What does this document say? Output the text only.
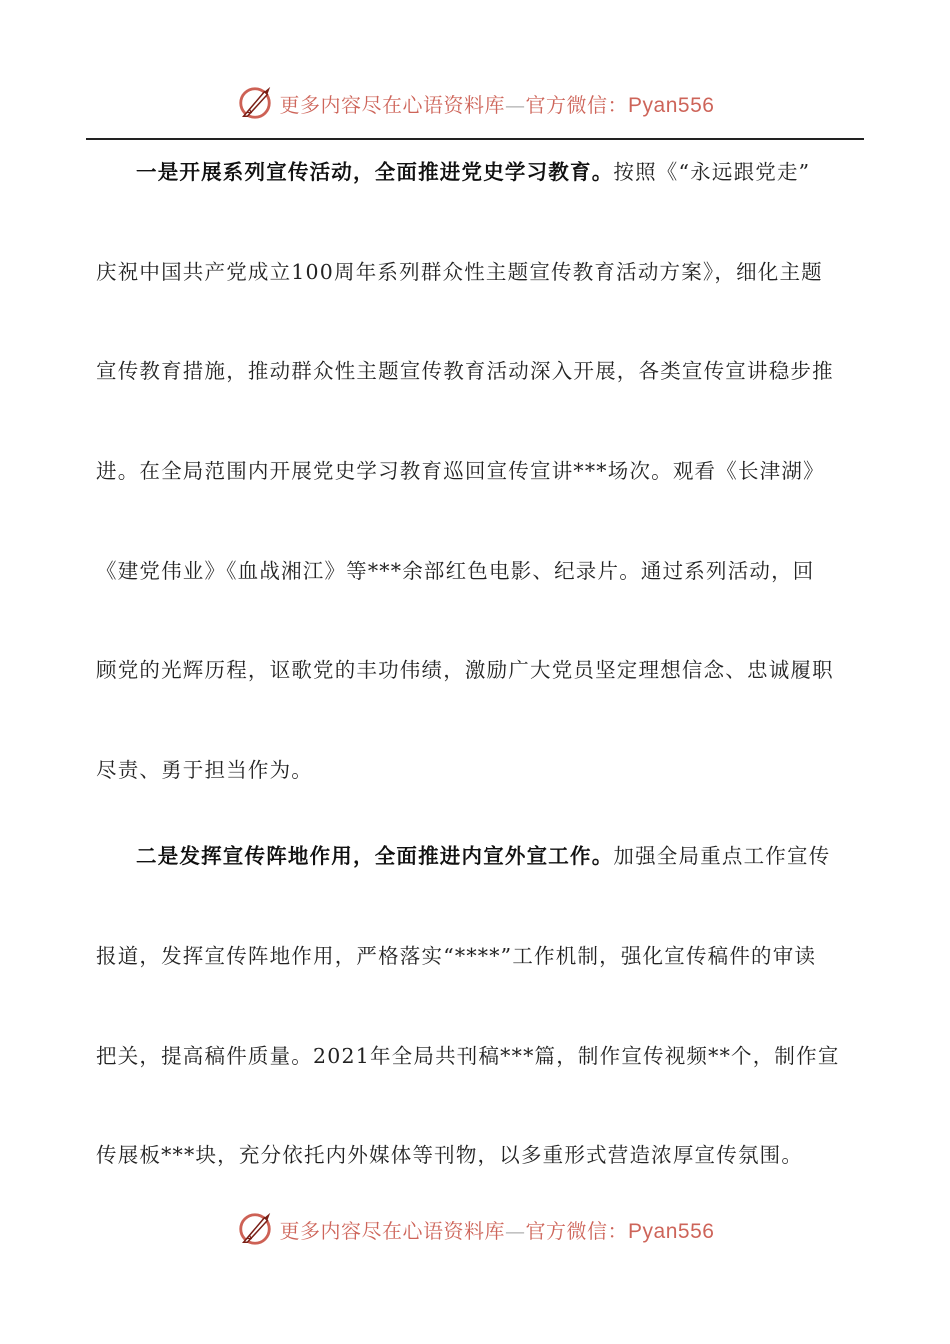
更多内容尽在心语资料库—官方微信：Pyan556
一是开展系列宣传活动，全面推进党史学习教育。按照《“永远跟党走”
庆祝中国共产党成立100周年系列群众性主题宣传教育活动方案》，细化主题
宣传教育措施，推动群众性主题宣传教育活动深入开展，各类宣传宣讲稳步推
进。在全局范围内开展党史学习教育巡回宣传宣讲***场次。观看《长津湖》
《建党伟业》《血战湘江》等***余部红色电影、纪录片。通过系列活动，回
顾党的光辉历程，讴歌党的丰功伟绩，激励广大党员坚定理想信念、忠诚履职
尽责、勇于担当作为。
二是发挥宣传阵地作用，全面推进内宣外宣工作。加强全局重点工作宣传
报道，发挥宣传阵地作用，严格落实“****”工作机制，强化宣传稿件的审读
把关，提高稿件质量。2021年全局共刊稿***篇，制作宣传视频**个，制作宣
传展板***块，充分依托内外媒体等刊物，以多重形式营造浓厚宣传氛围。
更多内容尽在心语资料库—官方微信：Pyan556
